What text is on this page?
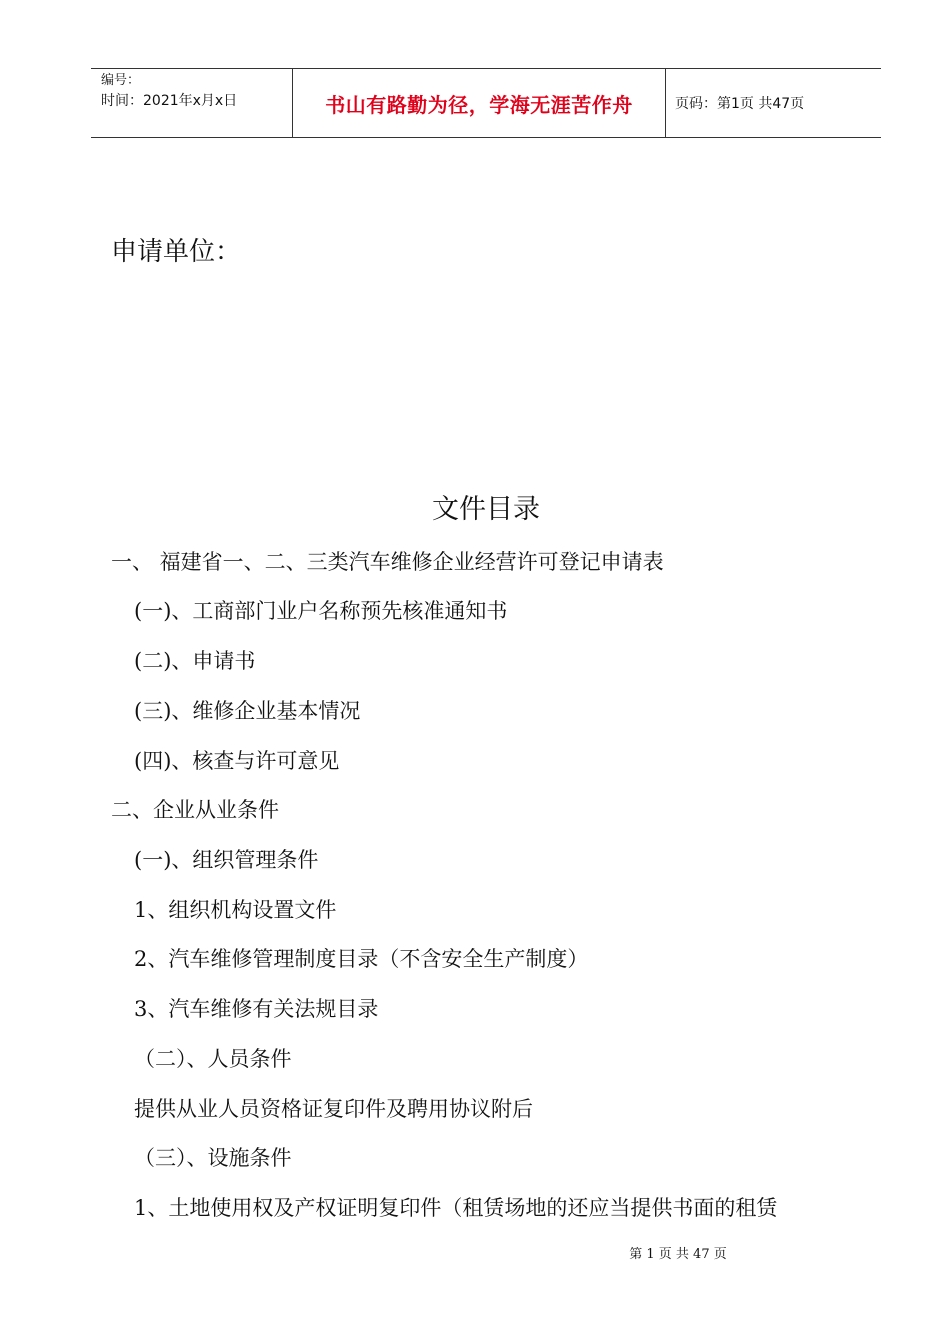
编号：
时间：2021年x月x日	书山有路勤为径，学海无涯苦作舟	页码：第1页 共47页
申请单位：
文件目录
一、 福建省一、二、三类汽车维修企业经营许可登记申请表
(一)、工商部门业户名称预先核准通知书
(二)、申请书
(三)、维修企业基本情况
(四)、核查与许可意见
二、企业从业条件
(一)、组织管理条件
1、组织机构设置文件
2、汽车维修管理制度目录（不含安全生产制度）
3、汽车维修有关法规目录
（二）、人员条件
提供从业人员资格证复印件及聘用协议附后
（三）、设施条件
1、土地使用权及产权证明复印件（租赁场地的还应当提供书面的租赁
第 1 页 共 47 页
